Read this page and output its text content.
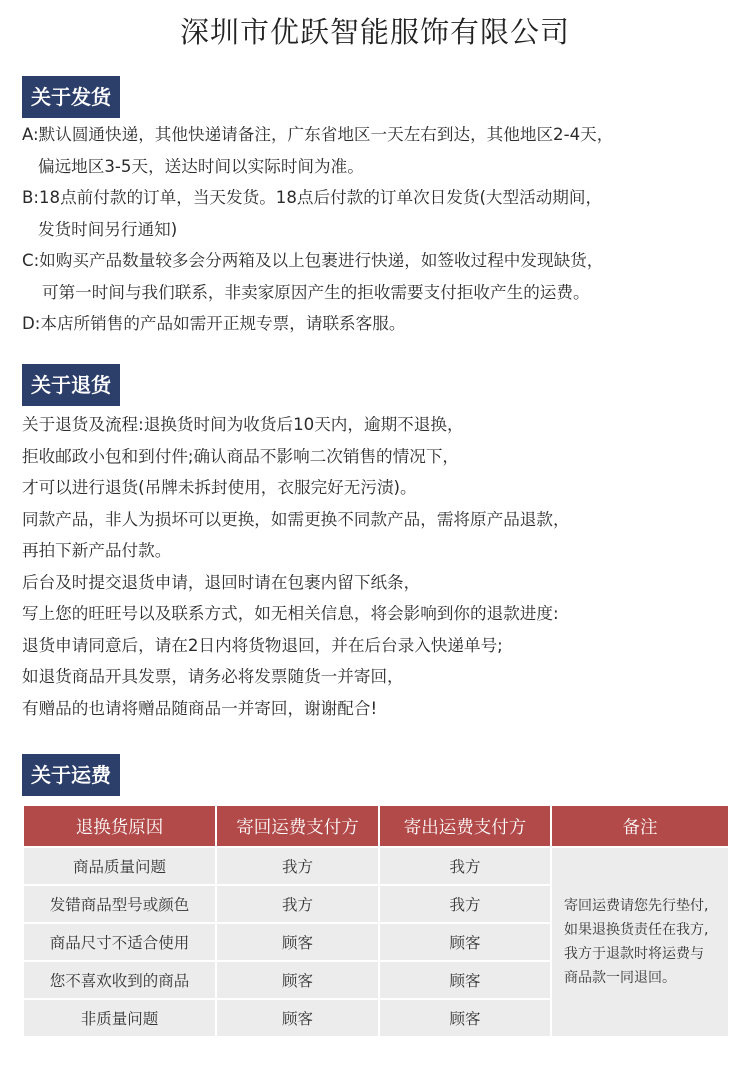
深圳市优跃智能服饰有限公司
关于发货
A:默认圆通快递，其他快递请备注，广东省地区一天左右到达，其他地区2-4天，
偏远地区3-5天，送达时间以实际时间为准。
B:18点前付款的订单，当天发货。18点后付款的订单次日发货(大型活动期间，
发货时间另行通知)
C:如购买产品数量较多会分两箱及以上包裹进行快递，如签收过程中发现缺货，
可第一时间与我们联系，非卖家原因产生的拒收需要支付拒收产生的运费。
D:本店所销售的产品如需开正规专票，请联系客服。
关于退货
关于退货及流程:退换货时间为收货后10天内，逾期不退换，
拒收邮政小包和到付件;确认商品不影响二次销售的情况下，
才可以进行退货(吊牌未拆封使用，衣服完好无污渍)。
同款产品，非人为损坏可以更换，如需更换不同款产品，需将原产品退款，
再拍下新产品付款。
后台及时提交退货申请，退回时请在包裹内留下纸条，
写上您的旺旺号以及联系方式，如无相关信息，将会影响到你的退款进度:
退货申请同意后，请在2日内将货物退回，并在后台录入快递单号;
如退货商品开具发票，请务必将发票随货一并寄回，
有赠品的也请将赠品随商品一并寄回，谢谢配合!
关于运费
退换货原因	寄回运费支付方	寄出运费支付方	备注
商品质量问题	我方	我方	寄回运费请您先行垫付,如果退换货责任在我方,我方于退款时将运费与商品款一同退回。
发错商品型号或颜色	我方	我方	
商品尺寸不适合使用	顾客	顾客	
您不喜欢收到的商品	顾客	顾客	
非质量问题	顾客	顾客	
